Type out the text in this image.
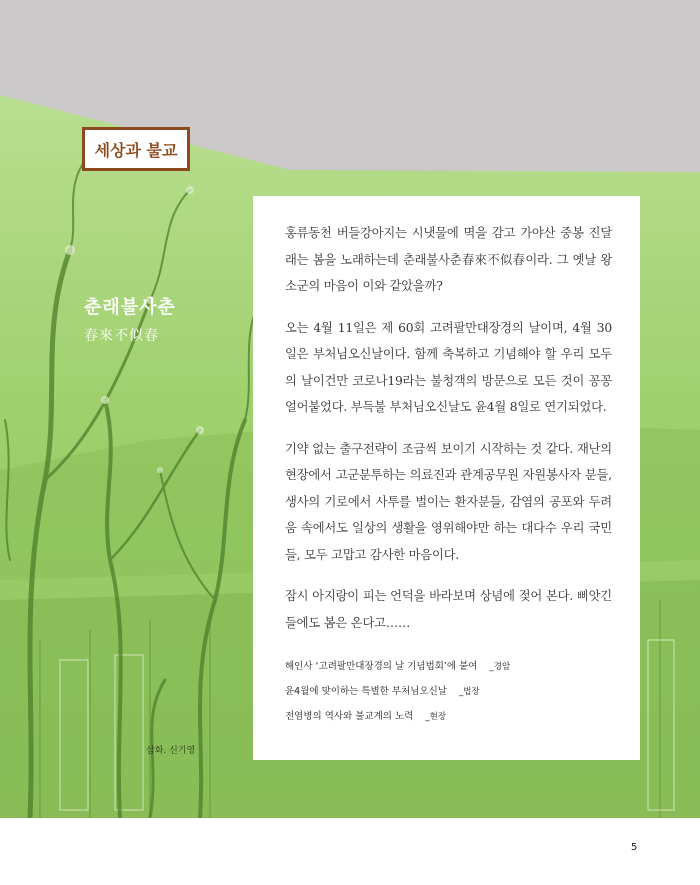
세상과 불교
춘래불사춘
春來不似春
삽화. 신기영

홍류동천 버들강아지는 시냇물에 멱을 감고 가야산 중봉 진달래는 봄을 노래하는데 춘래불사춘春來不似春이라. 그 옛날 왕소군의 마음이 이와 같았을까?

오는 4월 11일은 제 60회 고려팔만대장경의 날이며, 4월 30일은 부처님오신날이다. 함께 축복하고 기념해야 할 우리 모두의 날이건만 코로나19라는 불청객의 방문으로 모든 것이 꽁꽁 얼어붙었다. 부득불 부처님오신날도 윤4월 8일로 연기되었다.

기약 없는 출구전략이 조금씩 보이기 시작하는 것 같다. 재난의 현장에서 고군분투하는 의료진과 관계공무원 자원봉사자 분들, 생사의 기로에서 사투를 벌이는 환자분들, 감염의 공포와 두려움 속에서도 일상의 생활을 영위해야만 하는 대다수 우리 국민들, 모두 고맙고 감사한 마음이다.

잠시 아지랑이 피는 언덕을 바라보며 상념에 젖어 본다. 삐앗긴 들에도 봄은 온다고……

해인사 ‘고려팔만대장경의 날 기념법회’에 붙여 _경암
윤4월에 맞이하는 특별한 부처님오신날 _법장
전염병의 역사와 불교계의 노력 _현장
5
